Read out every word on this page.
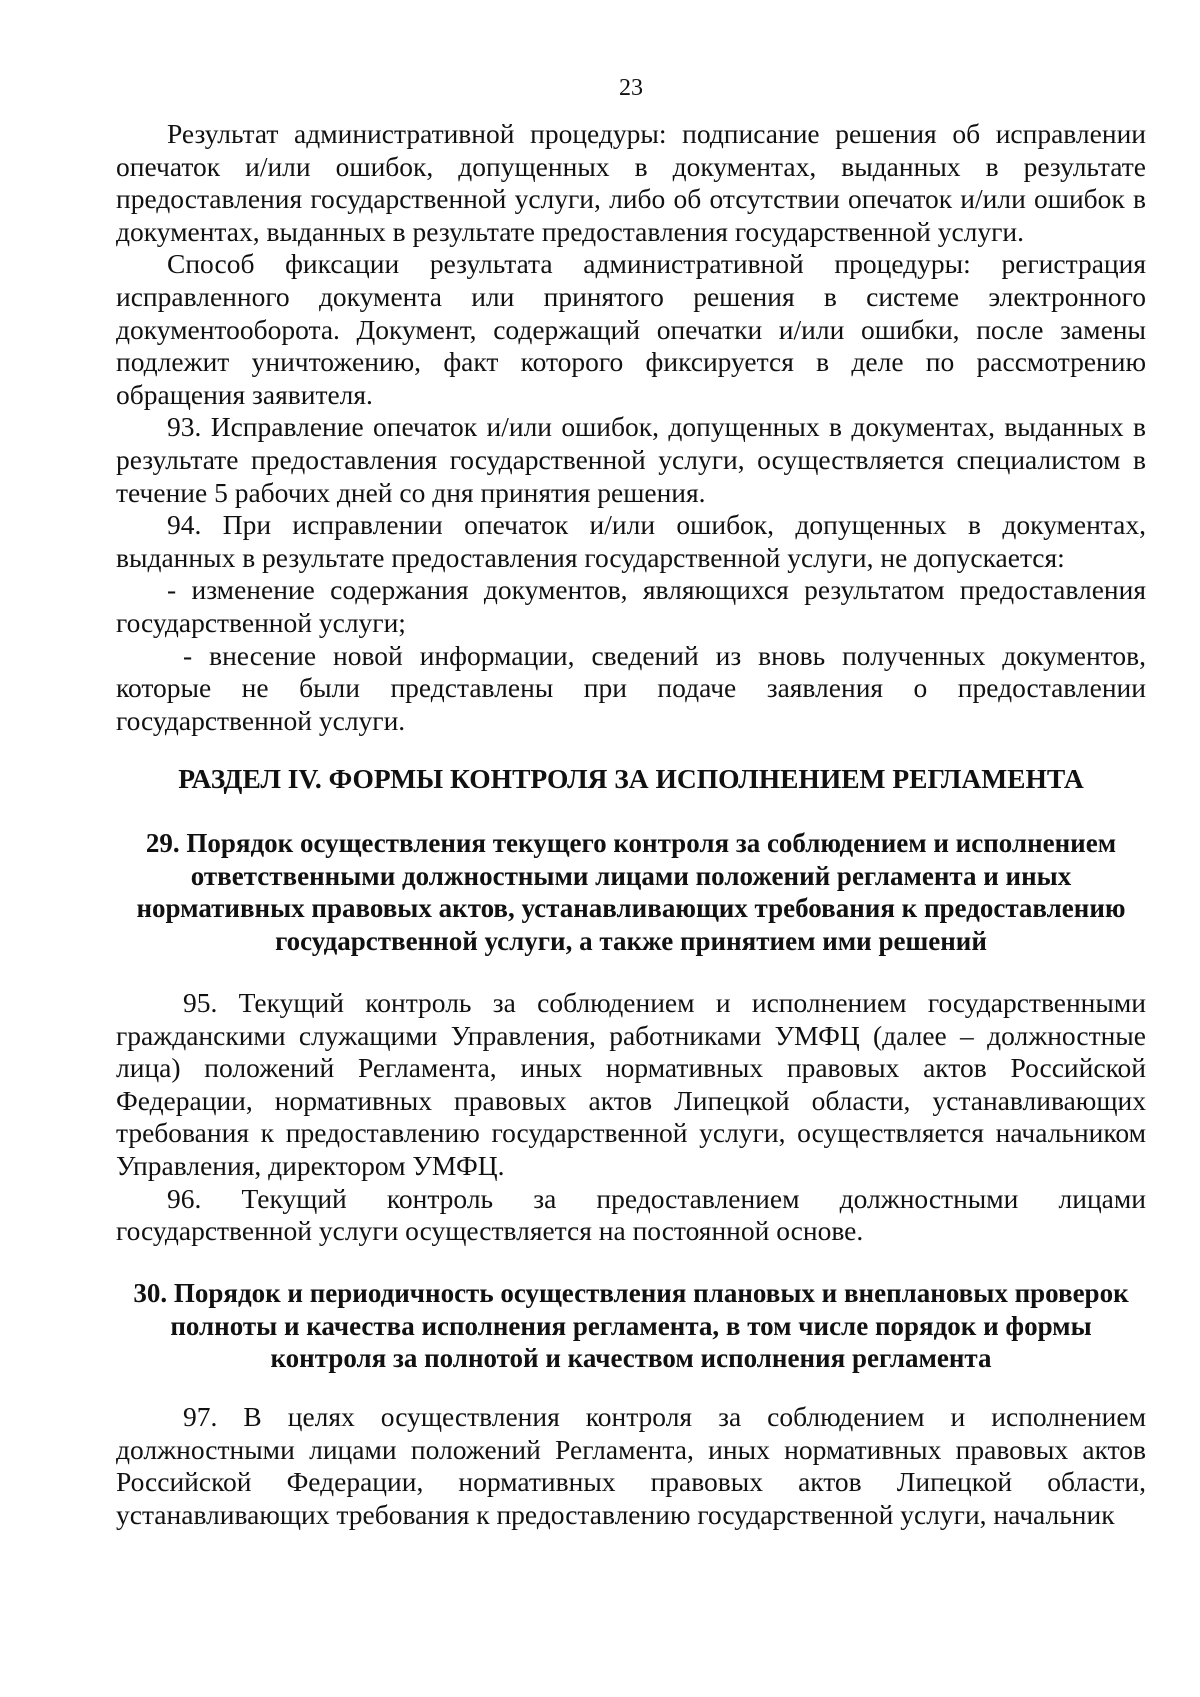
23

Результат административной процедуры: подписание решения об исправлении опечаток и/или ошибок, допущенных в документах, выданных в результате предоставления государственной услуги, либо об отсутствии опечаток и/или ошибок в документах, выданных в результате предоставления государственной услуги.

Способ фиксации результата административной процедуры: регистрация исправленного документа или принятого решения в системе электронного документооборота. Документ, содержащий опечатки и/или ошибки, после замены подлежит уничтожению, факт которого фиксируется в деле по рассмотрению обращения заявителя.

93. Исправление опечаток и/или ошибок, допущенных в документах, выданных в результате предоставления государственной услуги, осуществляется специалистом в течение 5 рабочих дней со дня принятия решения.

94. При исправлении опечаток и/или ошибок, допущенных в документах, выданных в результате предоставления государственной услуги, не допускается:

- изменение содержания документов, являющихся результатом предоставления государственной услуги;

- внесение новой информации, сведений из вновь полученных документов, которые не были представлены при подаче заявления о предоставлении государственной услуги.

РАЗДЕЛ IV. ФОРМЫ КОНТРОЛЯ ЗА ИСПОЛНЕНИЕМ РЕГЛАМЕНТА
29. Порядок осуществления текущего контроля за соблюдением и исполнением ответственными должностными лицами положений регламента и иных нормативных правовых актов, устанавливающих требования к предоставлению государственной услуги, а также принятием ими решений

95. Текущий контроль за соблюдением и исполнением государственными гражданскими служащими Управления, работниками УМФЦ (далее – должностные лица) положений Регламента, иных нормативных правовых актов Российской Федерации, нормативных правовых актов Липецкой области, устанавливающих требования к предоставлению государственной услуги, осуществляется начальником Управления, директором УМФЦ.

96. Текущий контроль за предоставлением должностными лицами государственной услуги осуществляется на постоянной основе.

30. Порядок и периодичность осуществления плановых и внеплановых проверок полноты и качества исполнения регламента, в том числе порядок и формы контроля за полнотой и качеством исполнения регламента

97. В целях осуществления контроля за соблюдением и исполнением должностными лицами положений Регламента, иных нормативных правовых актов Российской Федерации, нормативных правовых актов Липецкой области, устанавливающих требования к предоставлению государственной услуги, начальник
